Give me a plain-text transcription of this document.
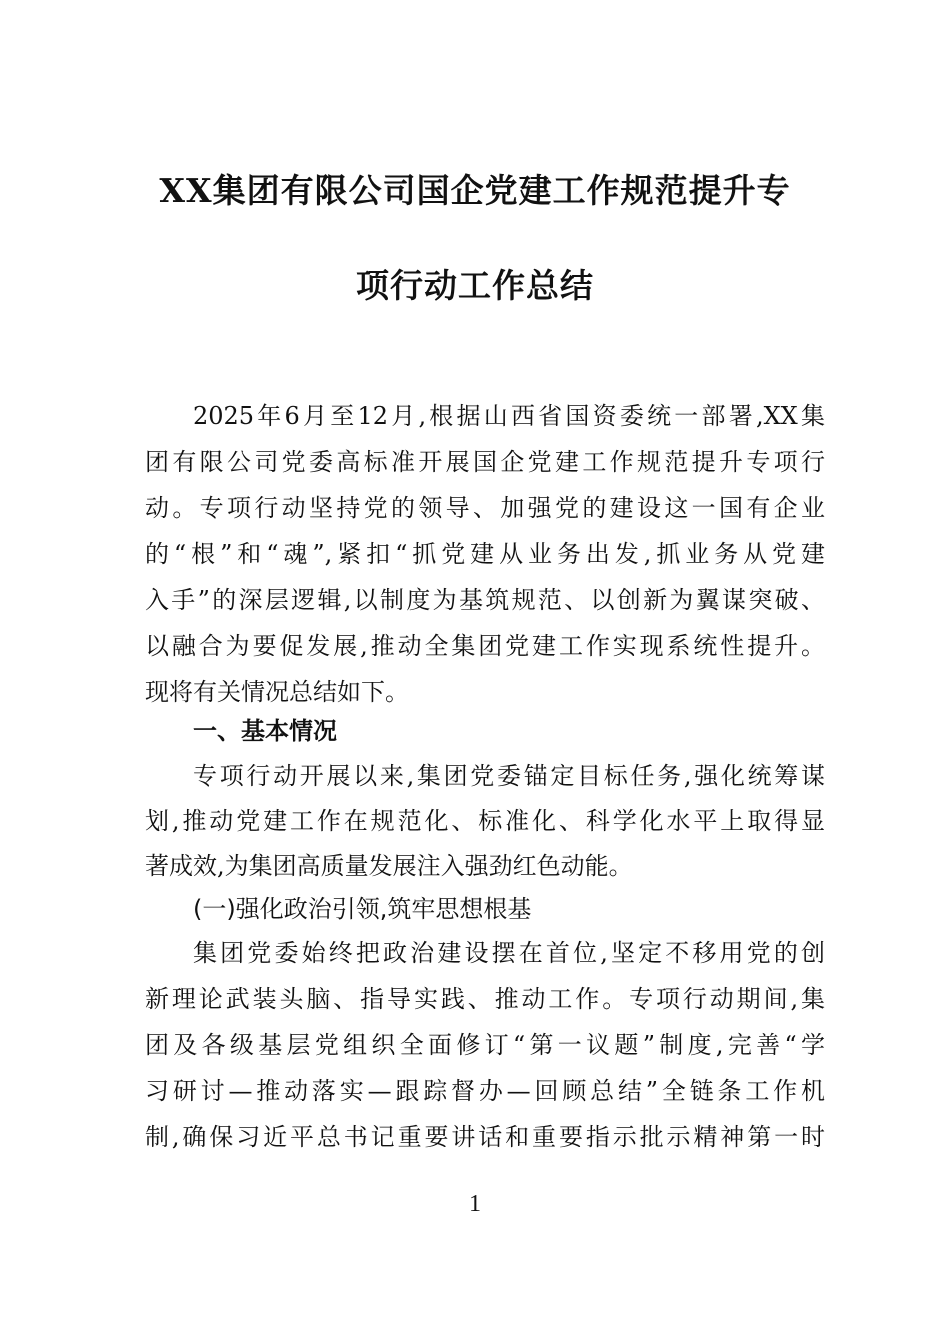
XX集团有限公司国企党建工作规范提升专
项行动工作总结
2025年6月至12月,根据山西省国资委统一部署,XX集
团有限公司党委高标准开展国企党建工作规范提升专项行
动。专项行动坚持党的领导、加强党的建设这一国有企业
的“根”和“魂”,紧扣“抓党建从业务出发,抓业务从党建
入手”的深层逻辑,以制度为基筑规范、以创新为翼谋突破、
以融合为要促发展,推动全集团党建工作实现系统性提升。
现将有关情况总结如下。
一、基本情况
专项行动开展以来,集团党委锚定目标任务,强化统筹谋
划,推动党建工作在规范化、标准化、科学化水平上取得显
著成效,为集团高质量发展注入强劲红色动能。
(一)强化政治引领,筑牢思想根基
集团党委始终把政治建设摆在首位,坚定不移用党的创
新理论武装头脑、指导实践、推动工作。专项行动期间,集
团及各级基层党组织全面修订“第一议题”制度,完善“学
习研讨—推动落实—跟踪督办—回顾总结”全链条工作机
制,确保习近平总书记重要讲话和重要指示批示精神第一时
1
